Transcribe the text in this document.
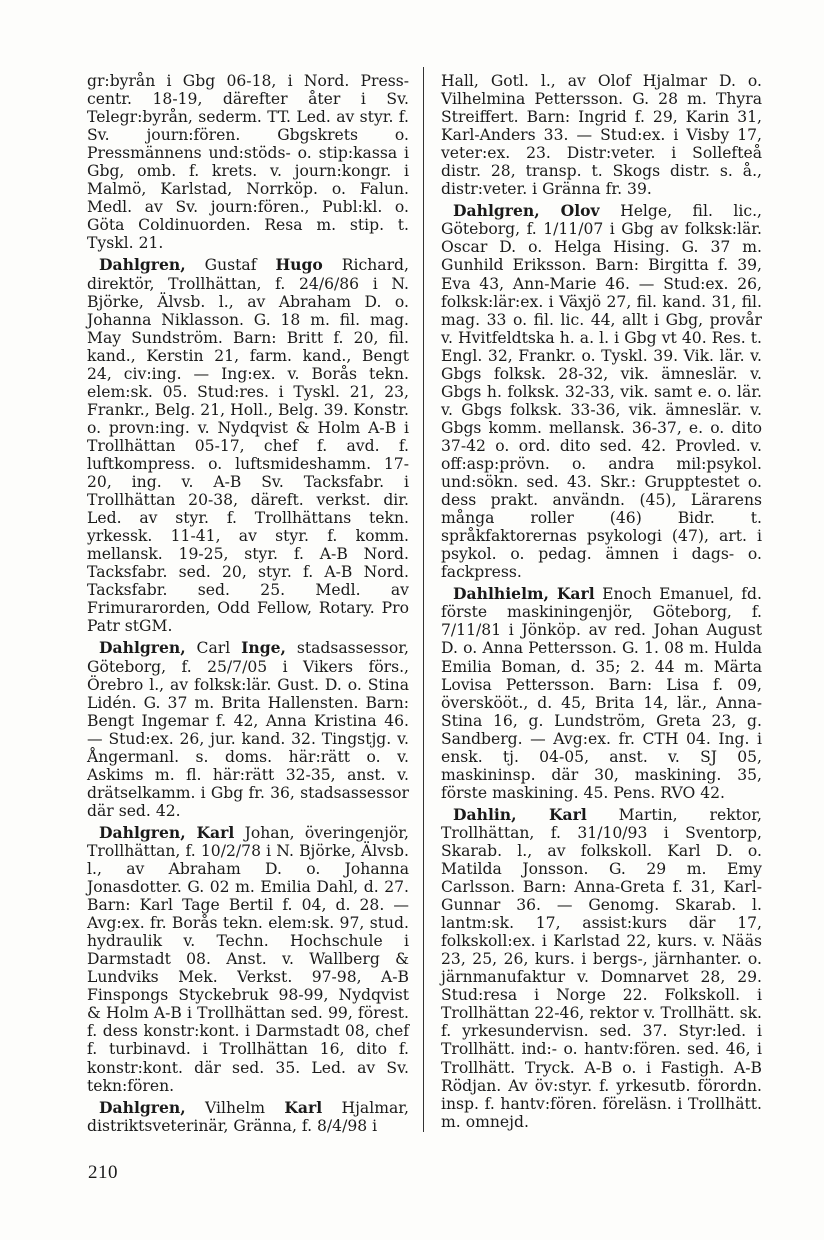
gr:byrån i Gbg 06-18, i Nord. Press-centr. 18-19, därefter åter i Sv. Telegr:byrån, sederm. TT. Led. av styr. f. Sv. journ:fören. Gbgskrets o. Pressmännens und:stöds- o. stip:kassa i Gbg, omb. f. krets. v. journ:kongr. i Malmö, Karlstad, Norrköp. o. Falun. Medl. av Sv. journ:fören., Publ:kl. o. Göta Coldinuorden. Resa m. stip. t. Tyskl. 21.

Dahlgren, Gustaf Hugo Richard, direktör, Trollhättan, f. 24/6/86 i N. Björke, Älvsb. l., av Abraham D. o. Johanna Niklasson. G. 18 m. fil. mag. May Sundström. Barn: Britt f. 20, fil. kand., Kerstin 21, farm. kand., Bengt 24, civ:ing. — Ing:ex. v. Borås tekn. elem:sk. 05. Stud:res. i Tyskl. 21, 23, Frankr., Belg. 21, Holl., Belg. 39. Konstr. o. provn:ing. v. Nydqvist & Holm A-B i Trollhättan 05-17, chef f. avd. f. luftkompress. o. luftsmideshamm. 17-20, ing. v. A-B Sv. Tacksfabr. i Trollhättan 20-38, däreft. verkst. dir. Led. av styr. f. Trollhättans tekn. yrkessk. 11-41, av styr. f. komm. mellansk. 19-25, styr. f. A-B Nord. Tacksfabr. sed. 20, styr. f. A-B Nord. Tacksfabr. sed. 25. Medl. av Frimurarorden, Odd Fellow, Rotary. Pro Patr stGM.

Dahlgren, Carl Inge, stadsassessor, Göteborg, f. 25/7/05 i Vikers förs., Örebro l., av folksk:lär. Gust. D. o. Stina Lidén. G. 37 m. Brita Hallensten. Barn: Bengt Ingemar f. 42, Anna Kristina 46. — Stud:ex. 26, jur. kand. 32. Tingstjg. v. Ångermanl. s. doms. här:rätt o. v. Askims m. fl. här:rätt 32-35, anst. v. drätselkamm. i Gbg fr. 36, stadsassessor där sed. 42.

Dahlgren, Karl Johan, överingenjör, Trollhättan, f. 10/2/78 i N. Björke, Älvsb. l., av Abraham D. o. Johanna Jonasdotter. G. 02 m. Emilia Dahl, d. 27. Barn: Karl Tage Bertil f. 04, d. 28. — Avg:ex. fr. Borås tekn. elem:sk. 97, stud. hydraulik v. Techn. Hochschule i Darmstadt 08. Anst. v. Wallberg & Lundviks Mek. Verkst. 97-98, A-B Finspongs Styckebruk 98-99, Nydqvist & Holm A-B i Trollhättan sed. 99, förest. f. dess konstr:kont. i Darmstadt 08, chef f. turbinavd. i Trollhättan 16, dito f. konstr:kont. där sed. 35. Led. av Sv. tekn:fören.

Dahlgren, Vilhelm Karl Hjalmar, distriktsveterinär, Gränna, f. 8/4/98 i

Hall, Gotl. l., av Olof Hjalmar D. o. Vilhelmina Pettersson. G. 28 m. Thyra Streiffert. Barn: Ingrid f. 29, Karin 31, Karl-Anders 33. — Stud:ex. i Visby 17, veter:ex. 23. Distr:veter. i Sollefteå distr. 28, transp. t. Skogs distr. s. å., distr:veter. i Gränna fr. 39.

Dahlgren, Olov Helge, fil. lic., Göteborg, f. 1/11/07 i Gbg av folksk:lär. Oscar D. o. Helga Hising. G. 37 m. Gunhild Eriksson. Barn: Birgitta f. 39, Eva 43, Ann-Marie 46. — Stud:ex. 26, folksk:lär:ex. i Växjö 27, fil. kand. 31, fil. mag. 33 o. fil. lic. 44, allt i Gbg, provår v. Hvitfeldtska h. a. l. i Gbg vt 40. Res. t. Engl. 32, Frankr. o. Tyskl. 39. Vik. lär. v. Gbgs folksk. 28-32, vik. ämneslär. v. Gbgs h. folksk. 32-33, vik. samt e. o. lär. v. Gbgs folksk. 33-36, vik. ämneslär. v. Gbgs komm. mellansk. 36-37, e. o. dito 37-42 o. ord. dito sed. 42. Provled. v. off:asp:prövn. o. andra mil:psykol. und:sökn. sed. 43. Skr.: Grupptestet o. dess prakt. användn. (45), Lärarens många roller (46) Bidr. t. språkfaktorernas psykologi (47), art. i psykol. o. pedag. ämnen i dags- o. fackpress.

Dahlhielm, Karl Enoch Emanuel, fd. förste maskiningenjör, Göteborg, f. 7/11/81 i Jönköp. av red. Johan August D. o. Anna Pettersson. G. 1. 08 m. Hulda Emilia Boman, d. 35; 2. 44 m. Märta Lovisa Pettersson. Barn: Lisa f. 09, överskööt., d. 45, Brita 14, lär., Anna-Stina 16, g. Lundström, Greta 23, g. Sandberg. — Avg:ex. fr. CTH 04. Ing. i ensk. tj. 04-05, anst. v. SJ 05, maskininsp. där 30, maskining. 35, förste maskining. 45. Pens. RVO 42.

Dahlin, Karl Martin, rektor, Trollhättan, f. 31/10/93 i Sventorp, Skarab. l., av folkskoll. Karl D. o. Matilda Jonsson. G. 29 m. Emy Carlsson. Barn: Anna-Greta f. 31, Karl-Gunnar 36. — Genomg. Skarab. l. lantm:sk. 17, assist:kurs där 17, folkskoll:ex. i Karlstad 22, kurs. v. Nääs 23, 25, 26, kurs. i bergs-, järnhanter. o. järnmanufaktur v. Domnarvet 28, 29. Stud:resa i Norge 22. Folkskoll. i Trollhättan 22-46, rektor v. Trollhätt. sk. f. yrkesundervisn. sed. 37. Styr:led. i Trollhätt. ind:- o. hantv:fören. sed. 46, i Trollhätt. Tryck. A-B o. i Fastigh. A-B Rödjan. Av öv:styr. f. yrkesutb. förordn. insp. f. hantv:fören. föreläsn. i Trollhätt. m. omnejd.

210
